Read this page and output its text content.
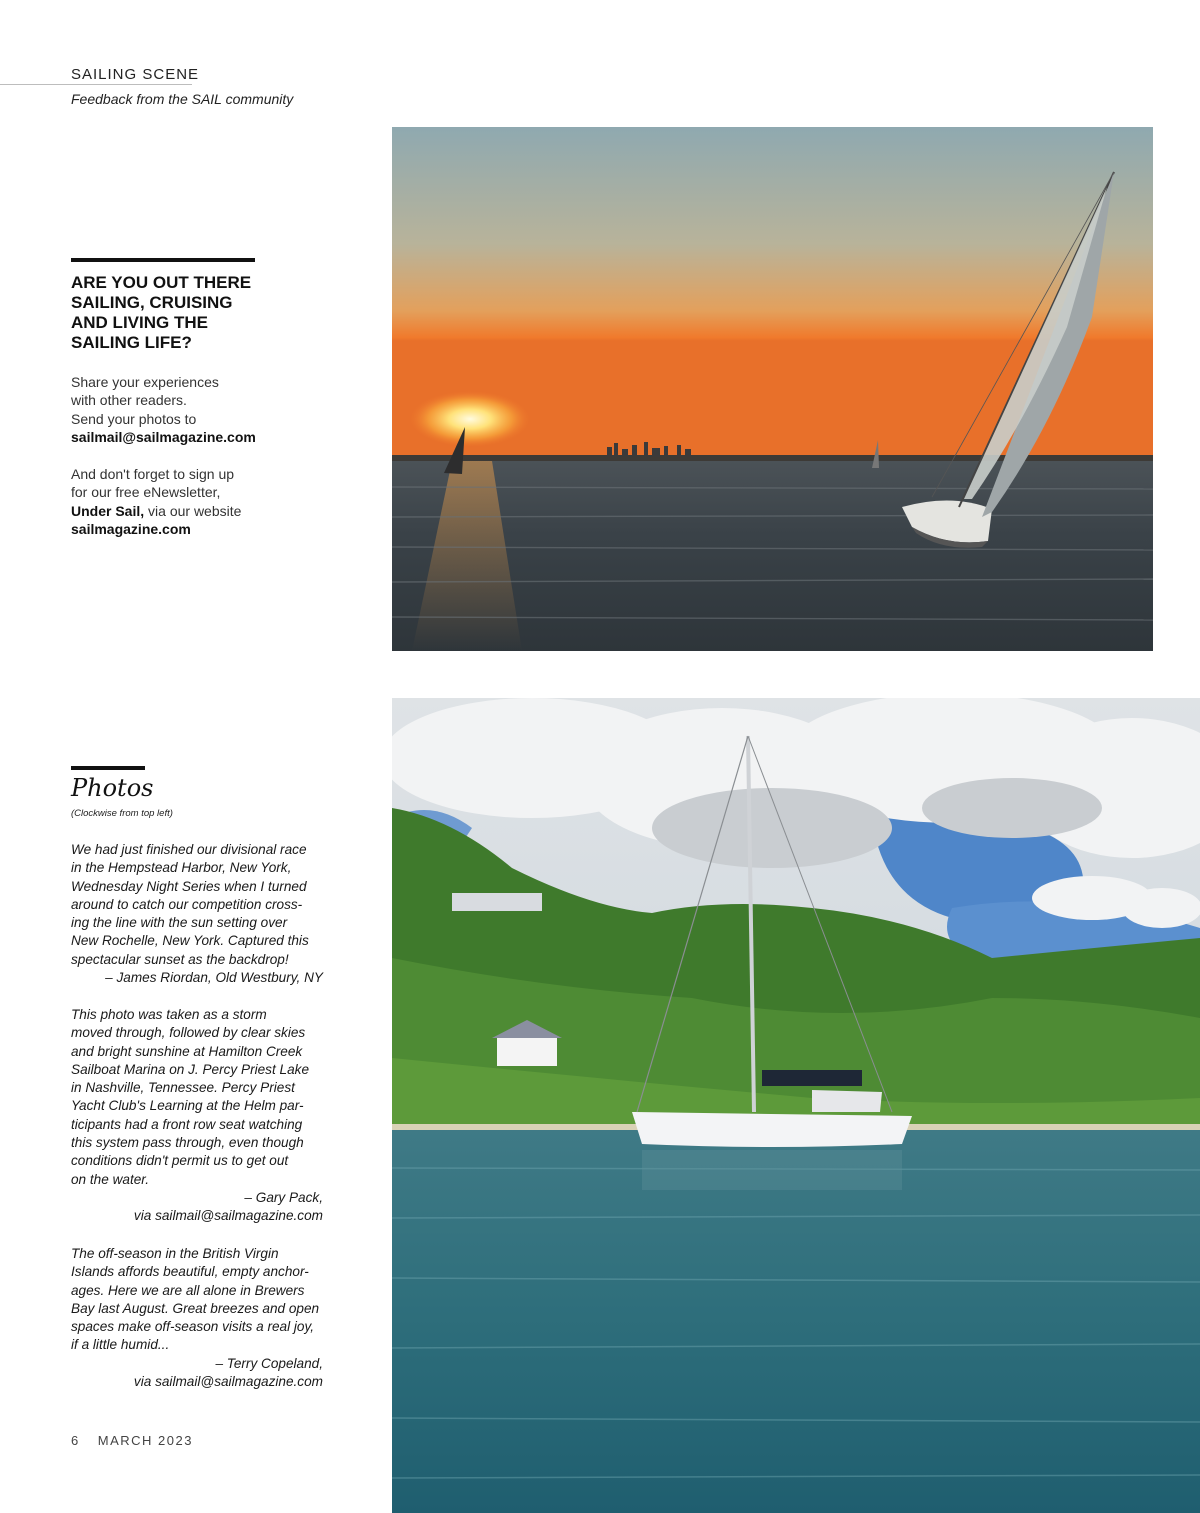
SAILING SCENE
Feedback from the SAIL community
ARE YOU OUT THERE
SAILING, CRUISING
AND LIVING THE
SAILING LIFE?
Share your experiences
with other readers.
Send your photos to
sailmail@sailmagazine.com
And don't forget to sign up
for our free eNewsletter,
Under Sail, via our website
sailmagazine.com
Photos
(Clockwise from top left)
We had just finished our divisional race
in the Hempstead Harbor, New York,
Wednesday Night Series when I turned
around to catch our competition cross-
ing the line with the sun setting over
New Rochelle, New York. Captured this
spectacular sunset as the backdrop!
– James Riordan, Old Westbury, NY
This photo was taken as a storm
moved through, followed by clear skies
and bright sunshine at Hamilton Creek
Sailboat Marina on J. Percy Priest Lake
in Nashville, Tennessee. Percy Priest
Yacht Club's Learning at the Helm par-
ticipants had a front row seat watching
this system pass through, even though
conditions didn't permit us to get out
on the water.
– Gary Pack,
via sailmail@sailmagazine.com
The off-season in the British Virgin
Islands affords beautiful, empty anchor-
ages. Here we are all alone in Brewers
Bay last August. Great breezes and open
spaces make off-season visits a real joy,
if a little humid...
– Terry Copeland,
via sailmail@sailmagazine.com
6 MARCH 2023
